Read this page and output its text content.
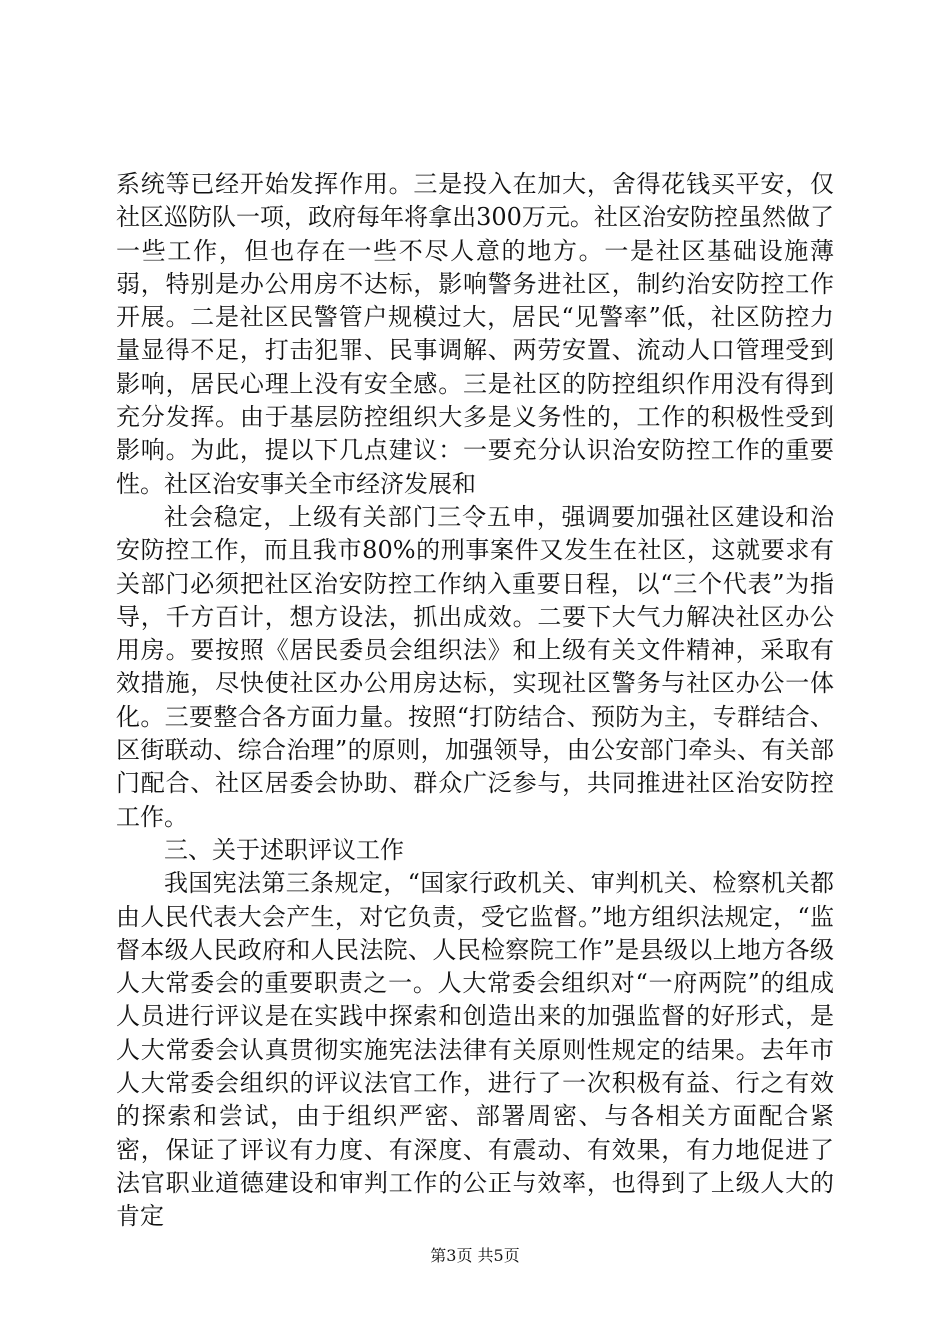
系统等已经开始发挥作用。三是投入在加大，舍得花钱买平安，仅社区巡防队一项，政府每年将拿出300万元。社区治安防控虽然做了一些工作，但也存在一些不尽人意的地方。一是社区基础设施薄弱，特别是办公用房不达标，影响警务进社区，制约治安防控工作开展。二是社区民警管户规模过大，居民“见警率”低，社区防控力量显得不足，打击犯罪、民事调解、两劳安置、流动人口管理受到影响，居民心理上没有安全感。三是社区的防控组织作用没有得到充分发挥。由于基层防控组织大多是义务性的，工作的积极性受到影响。为此，提以下几点建议：一要充分认识治安防控工作的重要性。社区治安事关全市经济发展和

社会稳定，上级有关部门三令五申，强调要加强社区建设和治安防控工作，而且我市80%的刑事案件又发生在社区，这就要求有关部门必须把社区治安防控工作纳入重要日程，以“三个代表”为指导，千方百计，想方设法，抓出成效。二要下大气力解决社区办公用房。要按照《居民委员会组织法》和上级有关文件精神，采取有效措施，尽快使社区办公用房达标，实现社区警务与社区办公一体化。三要整合各方面力量。按照“打防结合、预防为主，专群结合、区街联动、综合治理”的原则，加强领导，由公安部门牵头、有关部门配合、社区居委会协助、群众广泛参与，共同推进社区治安防控工作。

三、关于述职评议工作

我国宪法第三条规定，“国家行政机关、审判机关、检察机关都由人民代表大会产生，对它负责，受它监督。”地方组织法规定，“监督本级人民政府和人民法院、人民检察院工作”是县级以上地方各级人大常委会的重要职责之一。人大常委会组织对“一府两院”的组成人员进行评议是在实践中探索和创造出来的加强监督的好形式，是人大常委会认真贯彻实施宪法法律有关原则性规定的结果。去年市人大常委会组织的评议法官工作，进行了一次积极有益、行之有效的探索和尝试，由于组织严密、部署周密、与各相关方面配合紧密，保证了评议有力度、有深度、有震动、有效果，有力地促进了法官职业道德建设和审判工作的公正与效率，也得到了上级人大的肯定

第3页 共5页
